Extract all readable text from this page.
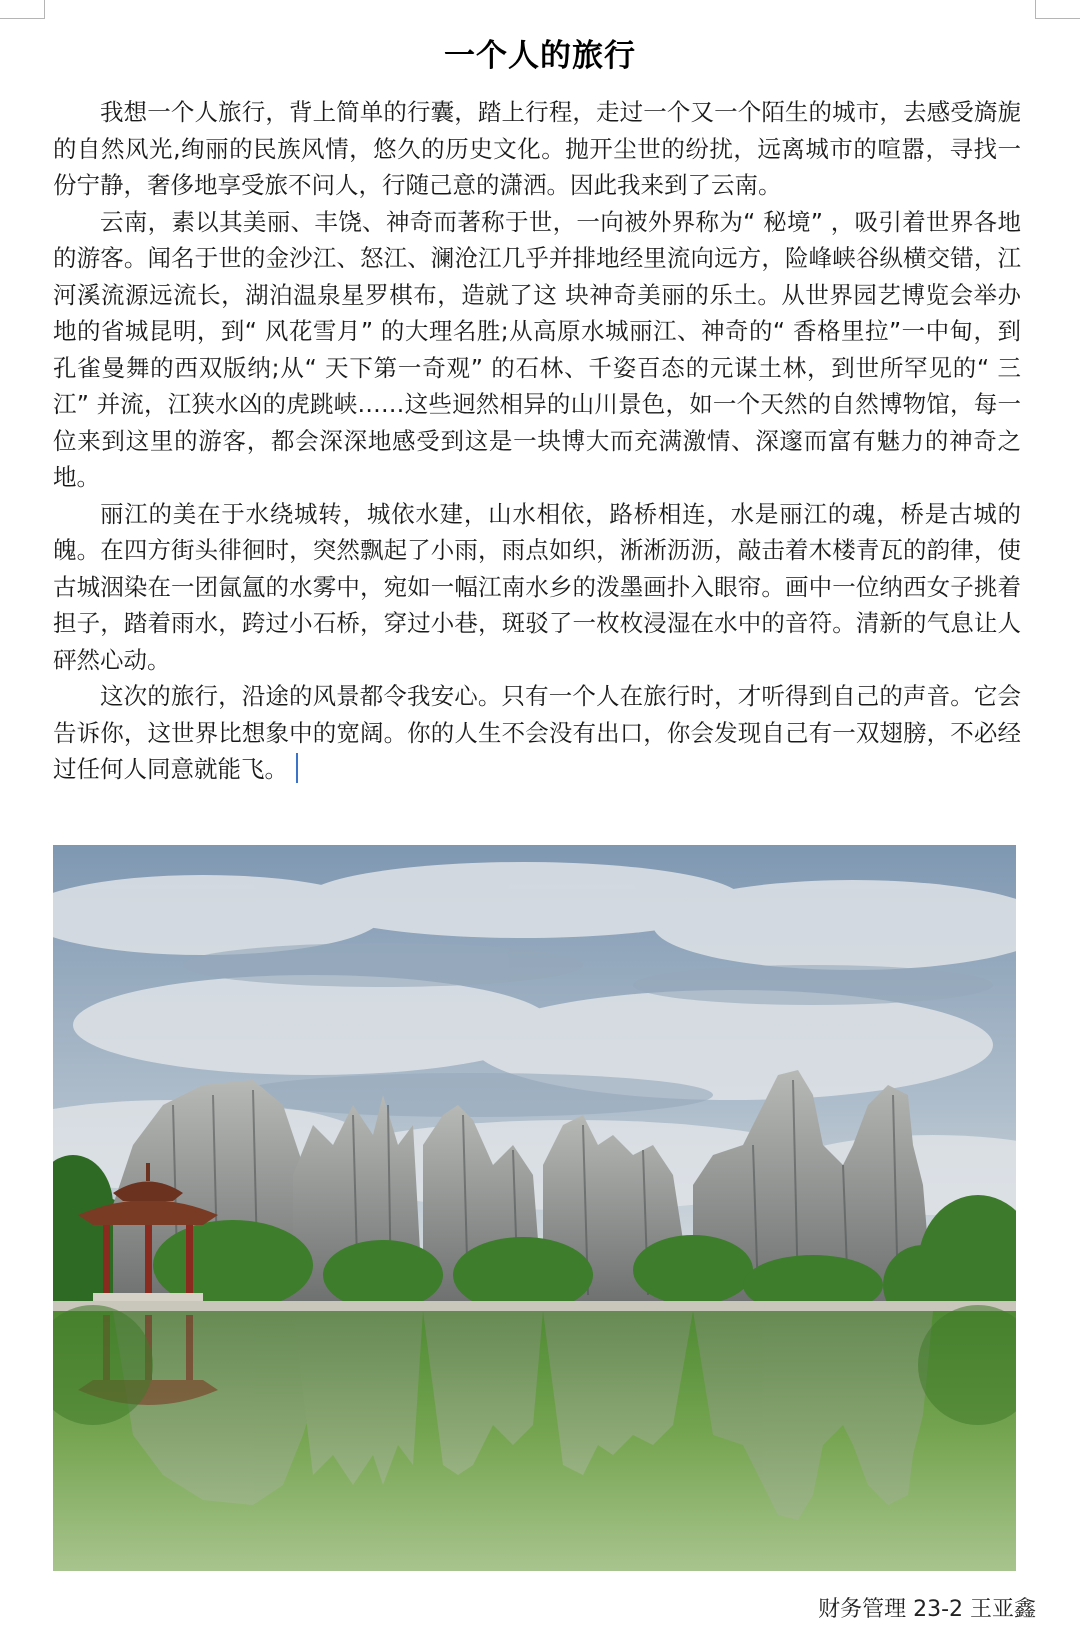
一个人的旅行

我想一个人旅行，背上简单的行囊，踏上行程，走过一个又一个陌生的城市，去感受旖旎的自然风光,绚丽的民族风情，悠久的历史文化。抛开尘世的纷扰，远离城市的喧嚣，寻找一份宁静，奢侈地享受旅不问人，行随己意的潇洒。因此我来到了云南。

云南，素以其美丽、丰饶、神奇而著称于世，一向被外界称为“ 秘境” ，吸引着世界各地的游客。闻名于世的金沙江、怒江、澜沧江几乎并排地经里流向远方，险峰峡谷纵横交错，江河溪流源远流长，湖泊温泉星罗棋布，造就了这 块神奇美丽的乐土。从世界园艺博览会举办地的省城昆明，到“ 风花雪月” 的大理名胜;从高原水城丽江、神奇的“ 香格里拉”一中甸，到孔雀曼舞的西双版纳;从“ 天下第一奇观” 的石林、千姿百态的元谋土林，到世所罕见的“ 三江” 并流，江狭水凶的虎跳峡……这些迥然相异的山川景色，如一个天然的自然博物馆，每一位来到这里的游客，都会深深地感受到这是一块博大而充满激情、深邃而富有魅力的神奇之地。

丽江的美在于水绕城转，城依水建，山水相依，路桥相连，水是丽江的魂，桥是古城的魄。在四方街头徘徊时，突然飘起了小雨，雨点如织，淅淅沥沥，敲击着木楼青瓦的韵律，使古城洇染在一团氤氲的水雾中，宛如一幅江南水乡的泼墨画扑入眼帘。画中一位纳西女子挑着担子，踏着雨水，跨过小石桥，穿过小巷，斑驳了一枚枚浸湿在水中的音符。清新的气息让人砰然心动。

这次的旅行，沿途的风景都令我安心。只有一个人在旅行时，才听得到自己的声音。它会告诉你，这世界比想象中的宽阔。你的人生不会没有出口，你会发现自己有一双翅膀，不必经过任何人同意就能飞。

财务管理 23-2 王亚鑫
